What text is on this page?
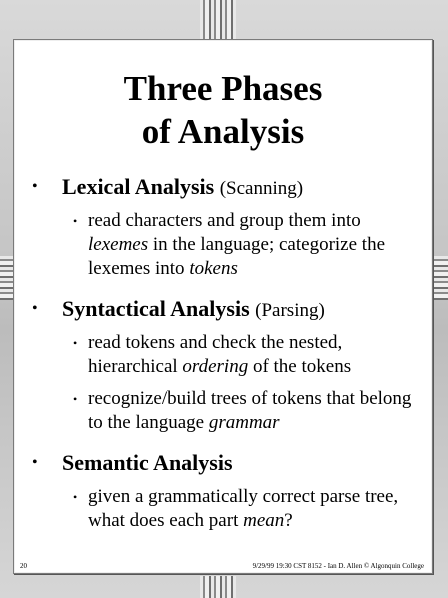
Three Phases
of Analysis
• Lexical Analysis (Scanning)
• read characters and group them into lexemes in the language; categorize the lexemes into tokens
• Syntactical Analysis (Parsing)
• read tokens and check the nested, hierarchical ordering of the tokens
• recognize/build trees of tokens that belong to the language grammar
• Semantic Analysis
• given a grammatically correct parse tree, what does each part mean?
20	9/29/99 19:30 CST 8152 - Ian D. Allen © Algonquin College
